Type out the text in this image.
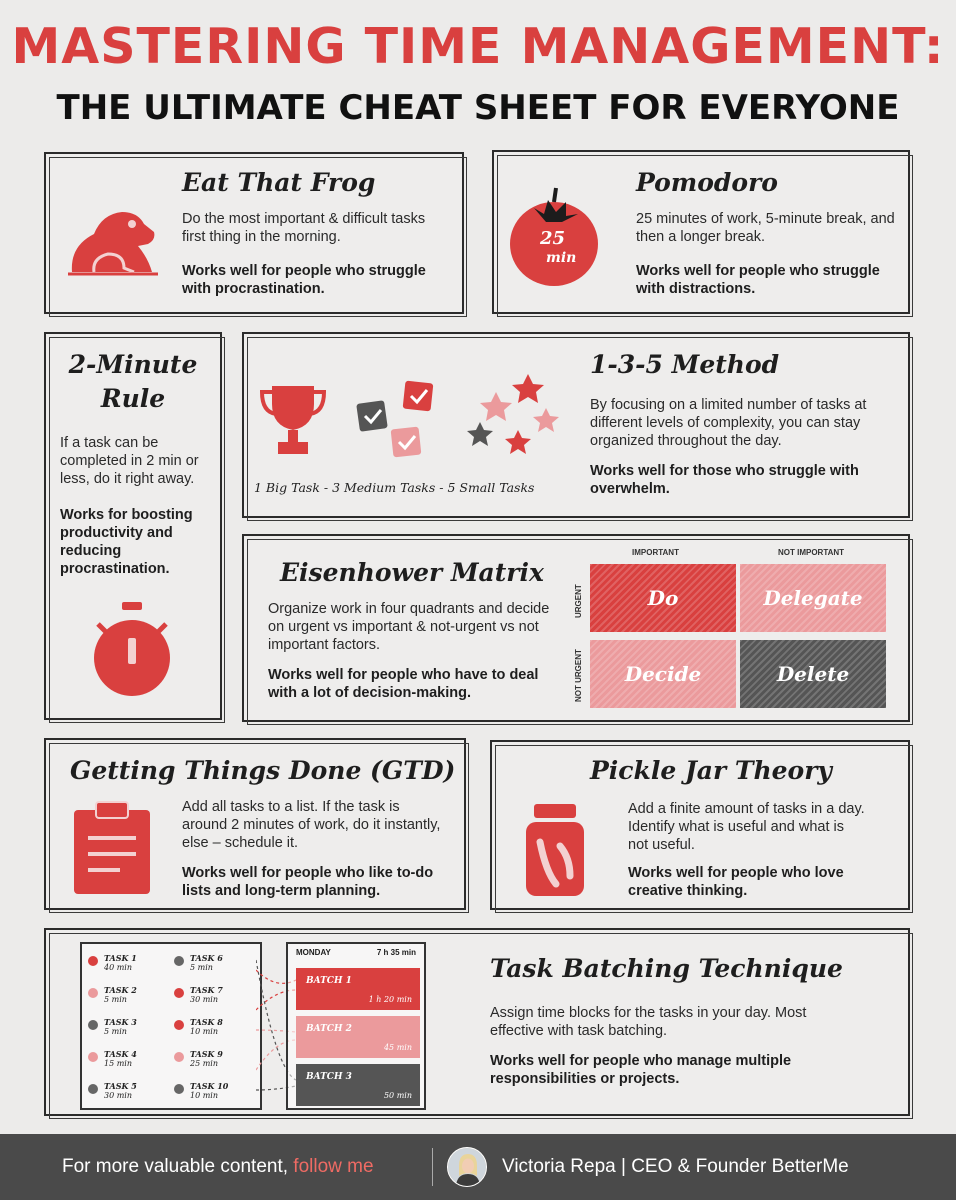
MASTERING TIME MANAGEMENT:
THE ULTIMATE CHEAT SHEET FOR EVERYONE
Eat That Frog
Do the most important & difficult tasks first thing in the morning.
Works well for people who struggle with procrastination.
25
min
Pomodoro
25 minutes of work, 5-minute break, and then a longer break.
Works well for people who struggle with distractions.
2-Minute
Rule
If a task can be completed in 2 min or less, do it right away.
Works for boosting productivity and reducing procrastination.
1 Big Task - 3 Medium Tasks - 5 Small Tasks
1-3-5 Method
By focusing on a limited number of tasks at different levels of complexity, you can stay organized throughout the day.
Works well for those who struggle with overwhelm.
Eisenhower Matrix
Organize work in four quadrants and decide on urgent vs important & not-urgent vs not important factors.
Works well for people who have to deal with a lot of decision-making.
IMPORTANT	NOT IMPORTANT
URGENT
NOT URGENT
Do	Delegate
Decide	Delete
Getting Things Done (GTD)
Add all tasks to a list. If the task is around 2 minutes of work, do it instantly, else – schedule it.
Works well for people who like to-do lists and long-term planning.
Pickle Jar Theory
Add a finite amount of tasks in a day. Identify what is useful and what is not useful.
Works well for people who love creative thinking.
TASK 1
40 min
TASK 2
5 min
TASK 3
5 min
TASK 4
15 min
TASK 5
30 min
TASK 6
5 min
TASK 7
30 min
TASK 8
10 min
TASK 9
25 min
TASK 10
10 min
MONDAY	7 h 35 min
BATCH 1
1 h 20 min
BATCH 2
45 min
BATCH 3
50 min
Task Batching Technique
Assign time blocks for the tasks in your day. Most effective with task batching.
Works well for people who manage multiple responsibilities or projects.
For more valuable content, follow me	Victoria Repa | CEO & Founder BetterMe
